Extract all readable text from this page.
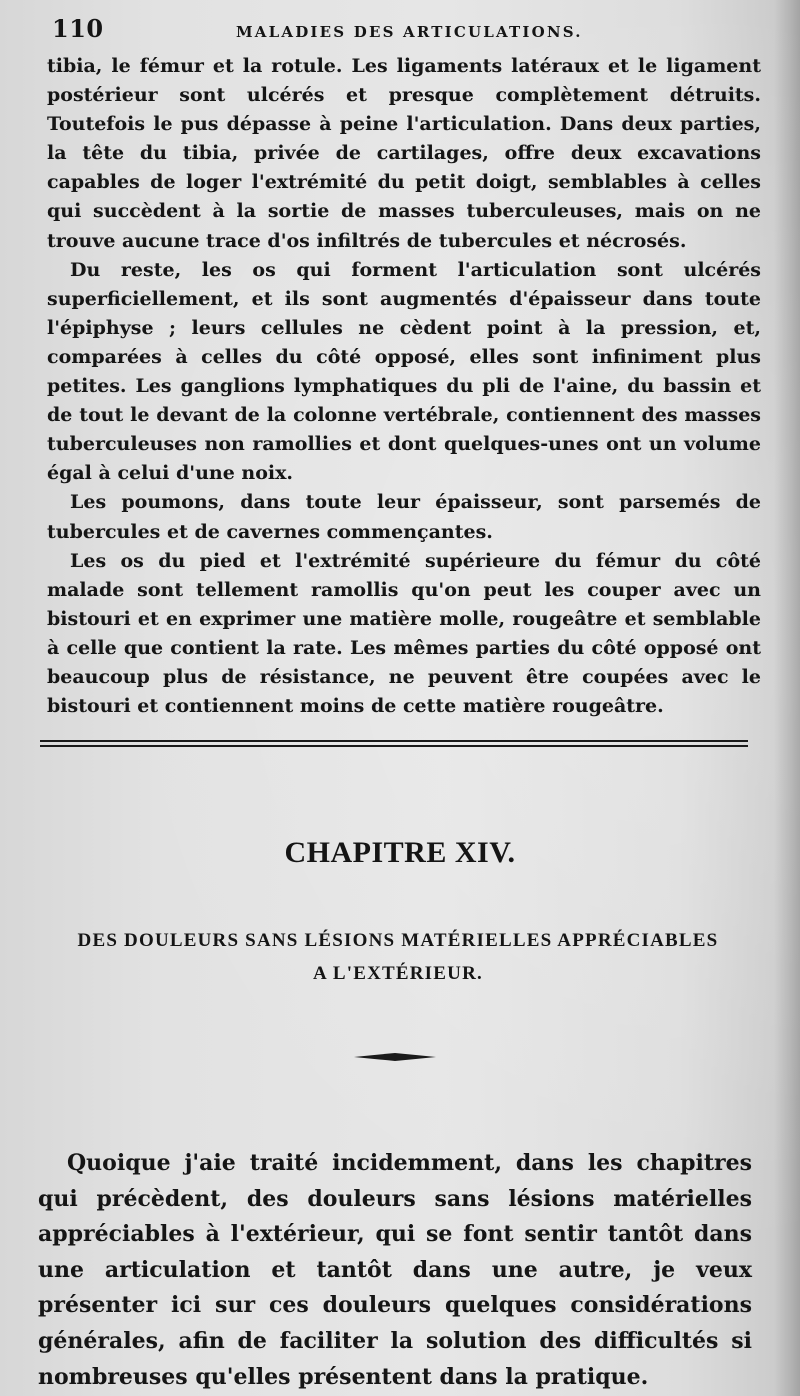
110	MALADIES DES ARTICULATIONS.

tibia, le fémur et la rotule. Les ligaments latéraux et le ligament postérieur sont ulcérés et presque complètement détruits. Toutefois le pus dépasse à peine l'articulation. Dans deux parties, la tête du tibia, privée de cartilages, offre deux excavations capables de loger l'extrémité du petit doigt, semblables à celles qui succèdent à la sortie de masses tuberculeuses, mais on ne trouve aucune trace d'os infiltrés de tubercules et nécrosés.

Du reste, les os qui forment l'articulation sont ulcérés superficiellement, et ils sont augmentés d'épaisseur dans toute l'épiphyse ; leurs cellules ne cèdent point à la pression, et, comparées à celles du côté opposé, elles sont infiniment plus petites. Les ganglions lymphatiques du pli de l'aine, du bassin et de tout le devant de la colonne vertébrale, contiennent des masses tuberculeuses non ramollies et dont quelques-unes ont un volume égal à celui d'une noix.

Les poumons, dans toute leur épaisseur, sont parsemés de tubercules et de cavernes commençantes.

Les os du pied et l'extrémité supérieure du fémur du côté malade sont tellement ramollis qu'on peut les couper avec un bistouri et en exprimer une matière molle, rougeâtre et semblable à celle que contient la rate. Les mêmes parties du côté opposé ont beaucoup plus de résistance, ne peuvent être coupées avec le bistouri et contiennent moins de cette matière rougeâtre.

CHAPITRE XIV.
DES DOULEURS SANS LÉSIONS MATÉRIELLES APPRÉCIABLES
A L'EXTÉRIEUR.

Quoique j'aie traité incidemment, dans les chapitres qui précèdent, des douleurs sans lésions matérielles appréciables à l'extérieur, qui se font sentir tantôt dans une articulation et tantôt dans une autre, je veux présenter ici sur ces douleurs quelques considérations générales, afin de faciliter la solution des difficultés si nombreuses qu'elles présentent dans la pratique.
